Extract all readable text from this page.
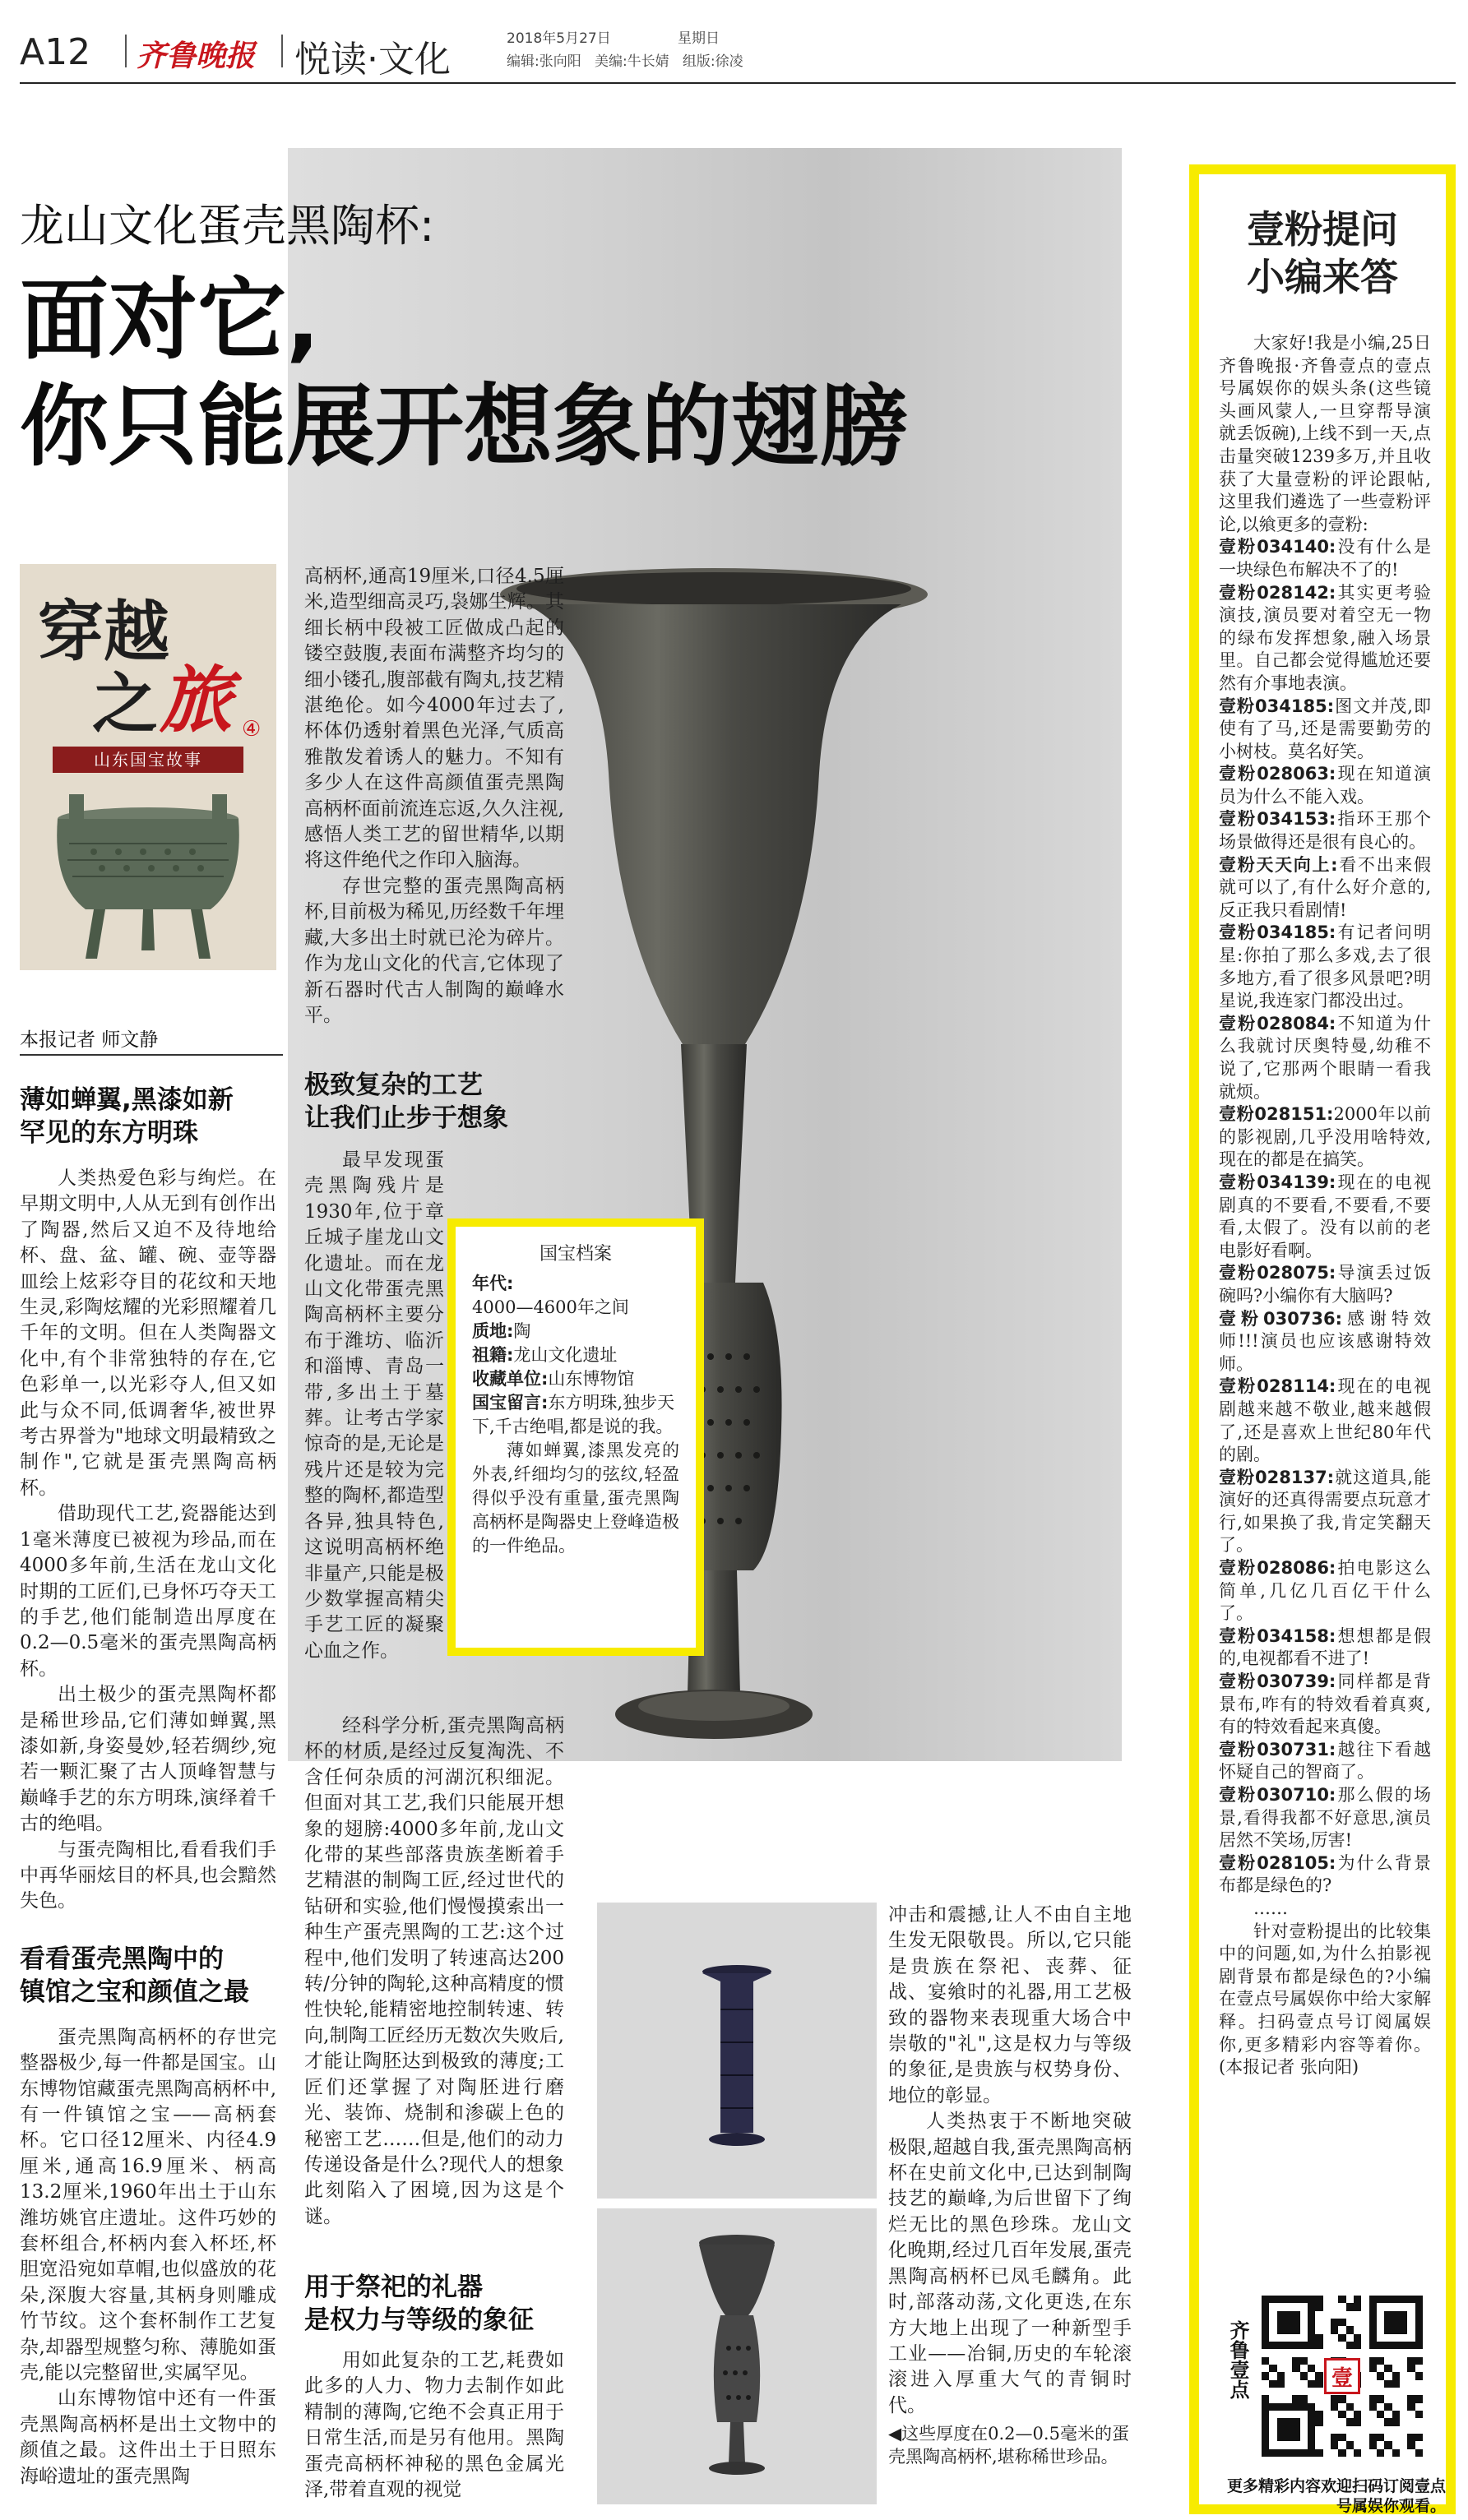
A12 齐鲁晚报 悦读·文化	2018年5月27日	星期日
编辑:张向阳   美编:牛长婧   组版:徐凌
龙山文化蛋壳黑陶杯:
面对它,
你只能展开想象的翅膀
穿越
之 旅 ④
山东国宝故事
本报记者 师文静
薄如蝉翼,黑漆如新
罕见的东方明珠

人类热爱色彩与绚烂。在早期文明中,人从无到有创作出了陶器,然后又迫不及待地给杯、盘、盆、罐、碗、壶等器皿绘上炫彩夺目的花纹和天地生灵,彩陶炫耀的光彩照耀着几千年的文明。但在人类陶器文化中,有个非常独特的存在,它色彩单一,以光彩夺人,但又如此与众不同,低调奢华,被世界考古界誉为"地球文明最精致之制作",它就是蛋壳黑陶高柄杯。

借助现代工艺,瓷器能达到1毫米薄度已被视为珍品,而在4000多年前,生活在龙山文化时期的工匠们,已身怀巧夺天工的手艺,他们能制造出厚度在0.2—0.5毫米的蛋壳黑陶高柄杯。

出土极少的蛋壳黑陶杯都是稀世珍品,它们薄如蝉翼,黑漆如新,身姿曼妙,轻若绸纱,宛若一颗汇聚了古人顶峰智慧与巅峰手艺的东方明珠,演绎着千古的绝唱。

与蛋壳陶相比,看看我们手中再华丽炫目的杯具,也会黯然失色。

看看蛋壳黑陶中的
镇馆之宝和颜值之最

蛋壳黑陶高柄杯的存世完整器极少,每一件都是国宝。山东博物馆藏蛋壳黑陶高柄杯中,有一件镇馆之宝——高柄套杯。它口径12厘米、内径4.9厘米,通高16.9厘米、柄高13.2厘米,1960年出土于山东潍坊姚官庄遗址。这件巧妙的套杯组合,杯柄内套入杯坯,杯胆宽沿宛如草帽,也似盛放的花朵,深腹大容量,其柄身则雕成竹节纹。这个套杯制作工艺复杂,却器型规整匀称、薄脆如蛋壳,能以完整留世,实属罕见。

山东博物馆中还有一件蛋壳黑陶高柄杯是出土文物中的颜值之最。这件出土于日照东海峪遗址的蛋壳黑陶

高柄杯,通高19厘米,口径4.5厘米,造型细高灵巧,袅娜生辉。其细长柄中段被工匠做成凸起的镂空鼓腹,表面布满整齐均匀的细小镂孔,腹部截有陶丸,技艺精湛绝伦。如今4000年过去了,杯体仍透射着黑色光泽,气质高雅散发着诱人的魅力。不知有多少人在这件高颜值蛋壳黑陶高柄杯面前流连忘返,久久注视,感悟人类工艺的留世精华,以期将这件绝代之作印入脑海。

存世完整的蛋壳黑陶高柄杯,目前极为稀见,历经数千年埋藏,大多出土时就已沦为碎片。作为龙山文化的代言,它体现了新石器时代古人制陶的巅峰水平。

极致复杂的工艺
让我们止步于想象

最早发现蛋壳黑陶残片是1930年,位于章丘城子崖龙山文化遗址。而在龙山文化带蛋壳黑陶高柄杯主要分布于潍坊、临沂和淄博、青岛一带,多出土于墓葬。让考古学家惊奇的是,无论是残片还是较为完整的陶杯,都造型各异,独具特色,这说明高柄杯绝非量产,只能是极少数掌握高精尖手艺工匠的凝聚心血之作。

国宝档案
年代:
4000—4600年之间
质地:陶
祖籍:龙山文化遗址
收藏单位:山东博物馆
国宝留言:东方明珠,独步天下,千古绝唱,都是说的我。
薄如蝉翼,漆黑发亮的外表,纤细均匀的弦纹,轻盈得似乎没有重量,蛋壳黑陶高柄杯是陶器史上登峰造极的一件绝品。

经科学分析,蛋壳黑陶高柄杯的材质,是经过反复淘洗、不含任何杂质的河湖沉积细泥。但面对其工艺,我们只能展开想象的翅膀:4000多年前,龙山文化带的某些部落贵族垄断着手艺精湛的制陶工匠,经过世代的钻研和实验,他们慢慢摸索出一种生产蛋壳黑陶的工艺:这个过程中,他们发明了转速高达200转/分钟的陶轮,这种高精度的惯性快轮,能精密地控制转速、转向,制陶工匠经历无数次失败后,才能让陶胚达到极致的薄度;工匠们还掌握了对陶胚进行磨光、装饰、烧制和渗碳上色的秘密工艺……但是,他们的动力传递设备是什么?现代人的想象此刻陷入了困境,因为这是个谜。

用于祭祀的礼器
是权力与等级的象征

用如此复杂的工艺,耗费如此多的人力、物力去制作如此精制的薄陶,它绝不会真正用于日常生活,而是另有他用。黑陶蛋壳高柄杯神秘的黑色金属光泽,带着直观的视觉

冲击和震撼,让人不由自主地生发无限敬畏。所以,它只能是贵族在祭祀、丧葬、征战、宴飨时的礼器,用工艺极致的器物来表现重大场合中崇敬的"礼",这是权力与等级的象征,是贵族与权势身份、地位的彰显。

人类热衷于不断地突破极限,超越自我,蛋壳黑陶高柄杯在史前文化中,已达到制陶技艺的巅峰,为后世留下了绚烂无比的黑色珍珠。龙山文化晚期,经过几百年发展,蛋壳黑陶高柄杯已凤毛麟角。此时,部落动荡,文化更迭,在东方大地上出现了一种新型手工业——冶铜,历史的车轮滚滚进入厚重大气的青铜时代。

◀这些厚度在0.2—0.5毫米的蛋壳黑陶高柄杯,堪称稀世珍品。
壹粉提问
小编来答

大家好!我是小编,25日齐鲁晚报·齐鲁壹点的壹点号属娱你的娱头条(这些镜头画风蒙人,一旦穿帮导演就丢饭碗),上线不到一天,点击量突破1239多万,并且收获了大量壹粉的评论跟帖,这里我们遴选了一些壹粉评论,以飨更多的壹粉:

壹粉034140:没有什么是一块绿色布解决不了的!

壹粉028142:其实更考验演技,演员要对着空无一物的绿布发挥想象,融入场景里。自己都会觉得尴尬还要然有介事地表演。

壹粉034185:图文并茂,即使有了马,还是需要勤劳的小树枝。莫名好笑。

壹粉028063:现在知道演员为什么不能入戏。

壹粉034153:指环王那个场景做得还是很有良心的。

壹粉天天向上:看不出来假就可以了,有什么好介意的,反正我只看剧情!

壹粉034185:有记者问明星:你拍了那么多戏,去了很多地方,看了很多风景吧?明星说,我连家门都没出过。

壹粉028084:不知道为什么我就讨厌奥特曼,幼稚不说了,它那两个眼睛一看我就烦。

壹粉028151:2000年以前的影视剧,几乎没用啥特效,现在的都是在搞笑。

壹粉034139:现在的电视剧真的不要看,不要看,不要看,太假了。没有以前的老电影好看啊。

壹粉028075:导演丢过饭碗吗?小编你有大脑吗?

壹粉030736:感谢特效师!!!演员也应该感谢特效师。

壹粉028114:现在的电视剧越来越不敬业,越来越假了,还是喜欢上世纪80年代的剧。

壹粉028137:就这道具,能演好的还真得需要点玩意才行,如果换了我,肯定笑翻天了。

壹粉028086:拍电影这么简单,几亿几百亿干什么了。

壹粉034158:想想都是假的,电视都看不进了!

壹粉030739:同样都是背景布,咋有的特效看着真爽,有的特效看起来真傻。

壹粉030731:越往下看越怀疑自己的智商了。

壹粉030710:那么假的场景,看得我都不好意思,演员居然不笑场,厉害!

壹粉028105:为什么背景布都是绿色的?

……

针对壹粉提出的比较集中的问题,如,为什么拍影视剧背景布都是绿色的?小编在壹点号属娱你中给大家解释。扫码壹点号订阅属娱你,更多精彩内容等着你。(本报记者 张向阳)

齐鲁壹点	壹
更多精彩内容欢迎扫码订阅壹点号属娱你观看。
